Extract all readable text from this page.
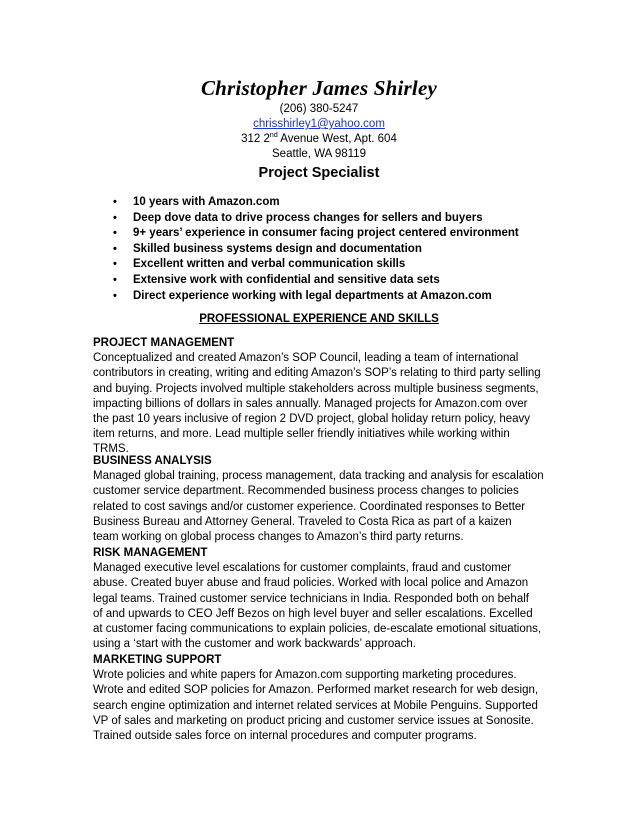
Christopher James Shirley
(206) 380-5247
chrisshirley1@yahoo.com
312 2nd Avenue West, Apt. 604
Seattle, WA 98119
Project Specialist
• 10 years with Amazon.com
• Deep dove data to drive process changes for sellers and buyers
• 9+ years’ experience in consumer facing project centered environment
• Skilled business systems design and documentation
• Excellent written and verbal communication skills
• Extensive work with confidential and sensitive data sets
• Direct experience working with legal departments at Amazon.com
PROFESSIONAL EXPERIENCE AND SKILLS
PROJECT MANAGEMENT

Conceptualized and created Amazon’s SOP Council, leading a team of international
contributors in creating, writing and editing Amazon’s SOP’s relating to third party selling
and buying. Projects involved multiple stakeholders across multiple business segments,
impacting billions of dollars in sales annually. Managed projects for Amazon.com over
the past 10 years inclusive of region 2 DVD project, global holiday return policy, heavy
item returns, and more. Lead multiple seller friendly initiatives while working within
TRMS.

BUSINESS ANALYSIS

Managed global training, process management, data tracking and analysis for escalation
customer service department. Recommended business process changes to policies
related to cost savings and/or customer experience. Coordinated responses to Better
Business Bureau and Attorney General. Traveled to Costa Rica as part of a kaizen
team working on global process changes to Amazon’s third party returns.

RISK MANAGEMENT

Managed executive level escalations for customer complaints, fraud and customer
abuse. Created buyer abuse and fraud policies. Worked with local police and Amazon
legal teams. Trained customer service technicians in India. Responded both on behalf
of and upwards to CEO Jeff Bezos on high level buyer and seller escalations. Excelled
at customer facing communications to explain policies, de-escalate emotional situations,
using a ‘start with the customer and work backwards’ approach.

MARKETING SUPPORT

Wrote policies and white papers for Amazon.com supporting marketing procedures.
Wrote and edited SOP policies for Amazon. Performed market research for web design,
search engine optimization and internet related services at Mobile Penguins. Supported
VP of sales and marketing on product pricing and customer service issues at Sonosite.
Trained outside sales force on internal procedures and computer programs.
